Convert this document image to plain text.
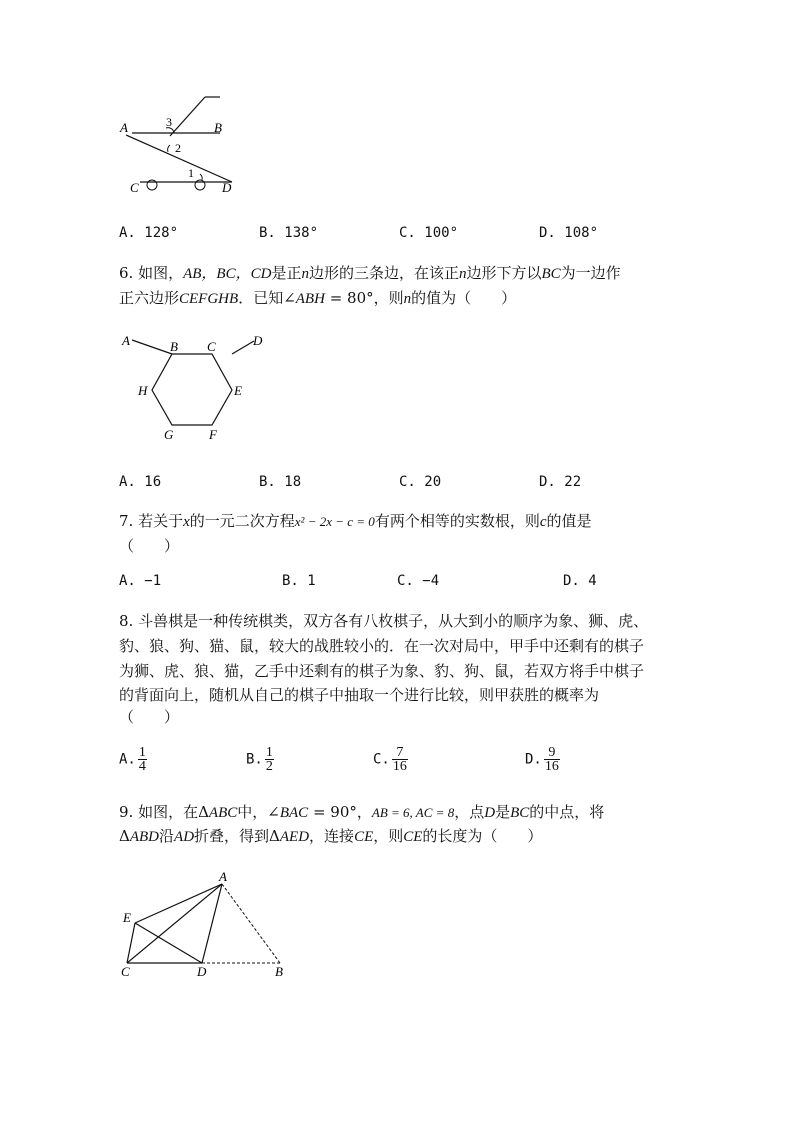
A	B
C	D
3
2
1
A. 128°	B. 138°	C. 100°	D. 108°
6. 如图，AB，BC，CD是正n边形的三条边，在该正n边形下方以BC为一边作
正六边形CEFGHB．已知∠ABH = 80°，则n的值为（　　）
A	B C	D
E
F
G
H
A. 16	B. 18	C. 20	D. 22
7. 若关于x的一元二次方程x² − 2x − c = 0有两个相等的实数根，则c的值是
（　　）
A. −1	B. 1	C. −4	D. 4
8. 斗兽棋是一种传统棋类，双方各有八枚棋子，从大到小的顺序为象、狮、虎、
豹、狼、狗、猫、鼠，较大的战胜较小的．在一次对局中，甲手中还剩有的棋子
为狮、虎、狼、猫，乙手中还剩有的棋子为象、豹、狗、鼠，若双方将手中棋子
的背面向上，随机从自己的棋子中抽取一个进行比较，则甲获胜的概率为
（　　）
A. $\frac{1}{4}$	B. $\frac{1}{2}$	C. $\frac{7}{16}$	D. $\frac{9}{16}$
9. 如图，在ΔABC中，∠BAC = 90°，AB = 6, AC = 8，点D是BC的中点，将
ΔABD沿AD折叠，得到ΔAED，连接CE，则CE的长度为（　　）
A
E
C	D	B
